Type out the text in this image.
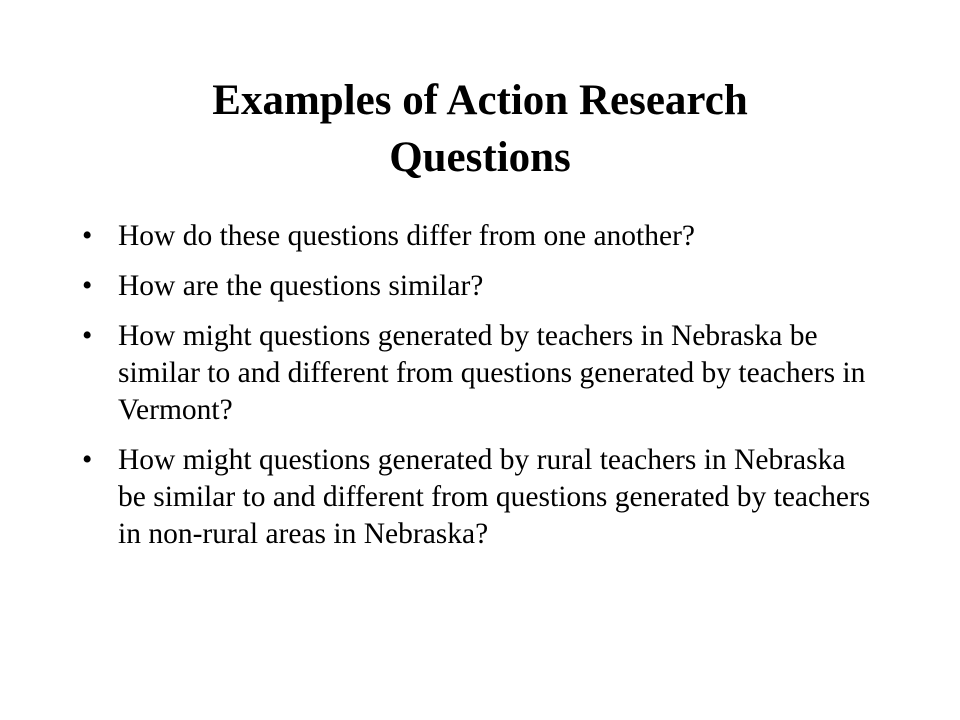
Examples of Action Research
Questions
• How do these questions differ from one another?
• How are the questions similar?
• How might questions generated by teachers in Nebraska be similar to and different from questions generated by teachers in Vermont?
• How might questions generated by rural teachers in Nebraska be similar to and different from questions generated by teachers in non-rural areas in Nebraska?
